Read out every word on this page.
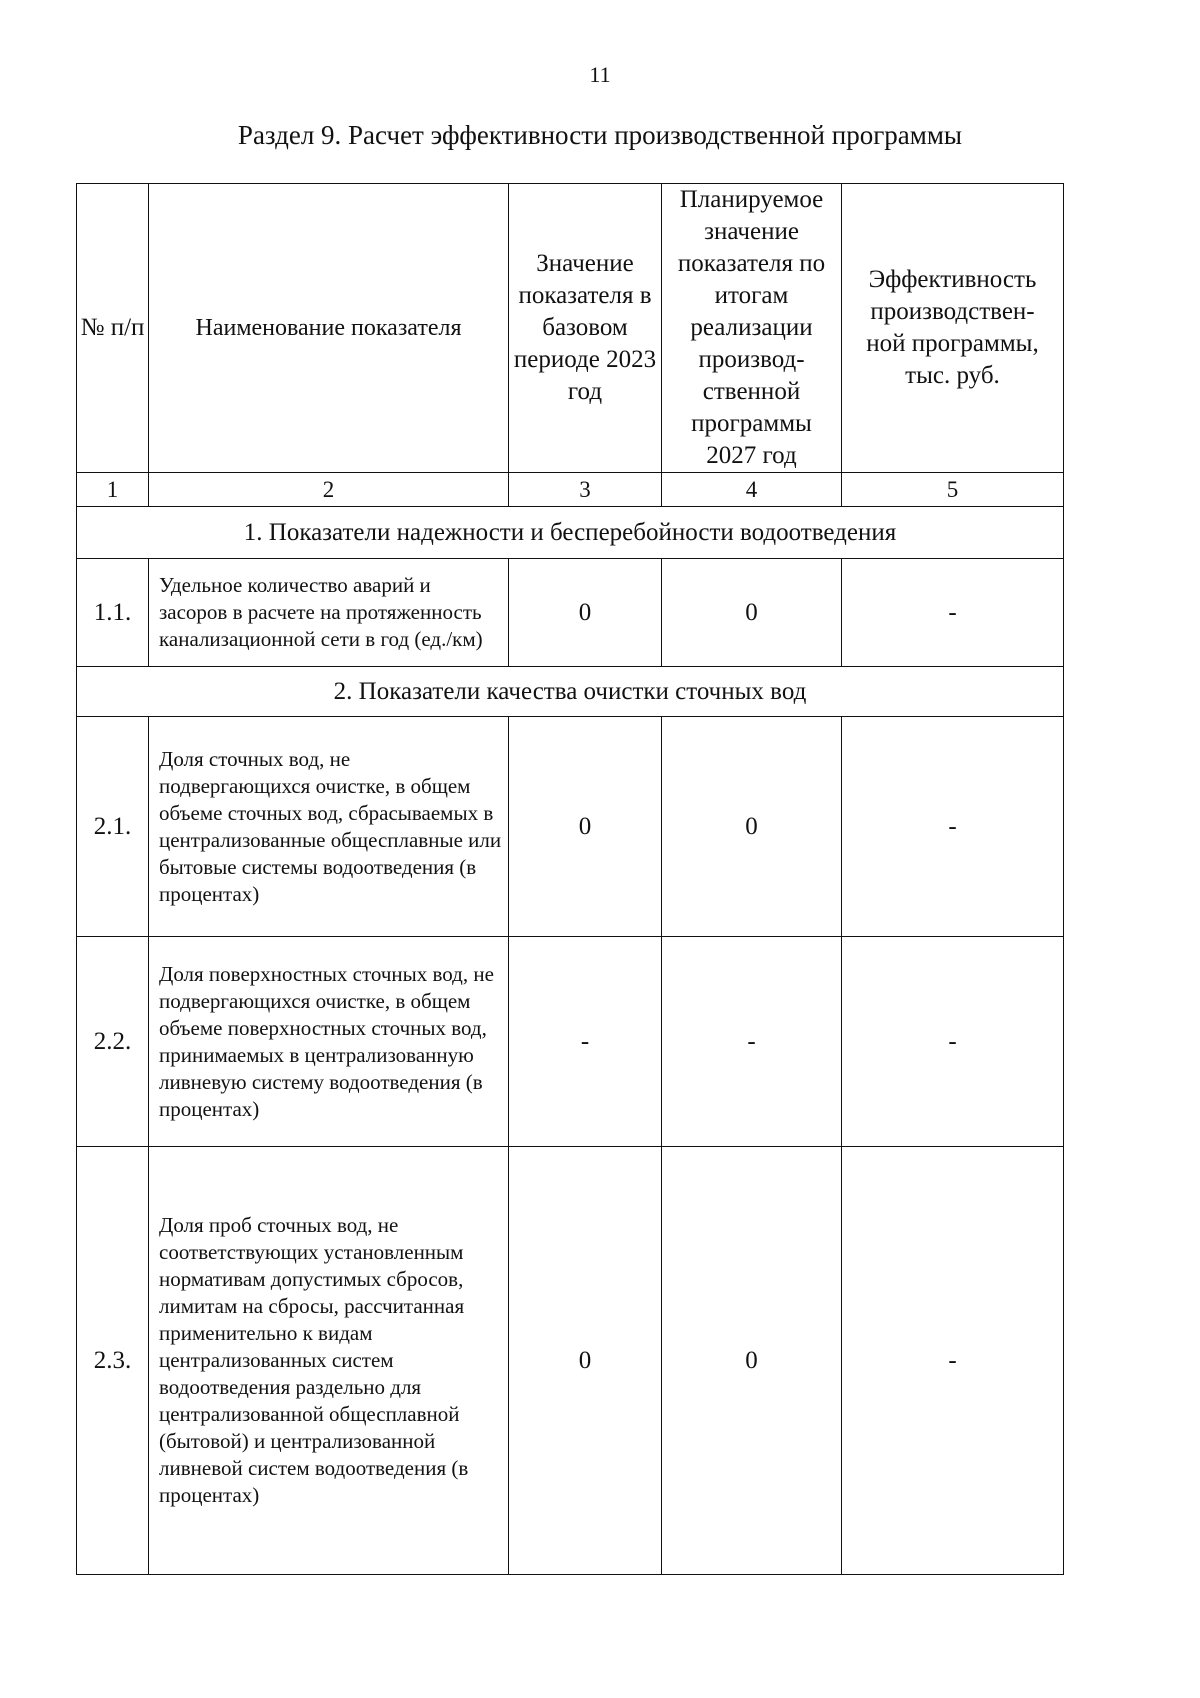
11
Раздел 9. Расчет эффективности производственной программы
№ п/п	Наименование показателя	Значение показателя в базовом периоде 2023 год	Планируемое значение показателя по итогам реализации производ- ственной программы 2027 год	Эффективность производствен- ной программы, тыс. руб.
1	2	3	4	5
1. Показатели надежности и бесперебойности водоотведения				
1.1.	Удельное количество аварий и засоров в расчете на протяженность канализационной сети в год (ед./км)	0	0	-
2. Показатели качества очистки сточных вод				
2.1.	Доля сточных вод, не подвергающихся очистке, в общем объеме сточных вод, сбрасываемых в централизованные общесплавные или бытовые системы водоотведения (в процентах)	0	0	-
2.2.	Доля поверхностных сточных вод, не подвергающихся очистке, в общем объеме поверхностных сточных вод, принимаемых в централизованную ливневую систему водоотведения (в процентах)	-	-	-
2.3.	Доля проб сточных вод, не соответствующих установленным нормативам допустимых сбросов, лимитам на сбросы, рассчитанная применительно к видам централизованных систем водоотведения раздельно для централизованной общесплавной (бытовой) и централизованной ливневой систем водоотведения (в процентах)	0	0	-
